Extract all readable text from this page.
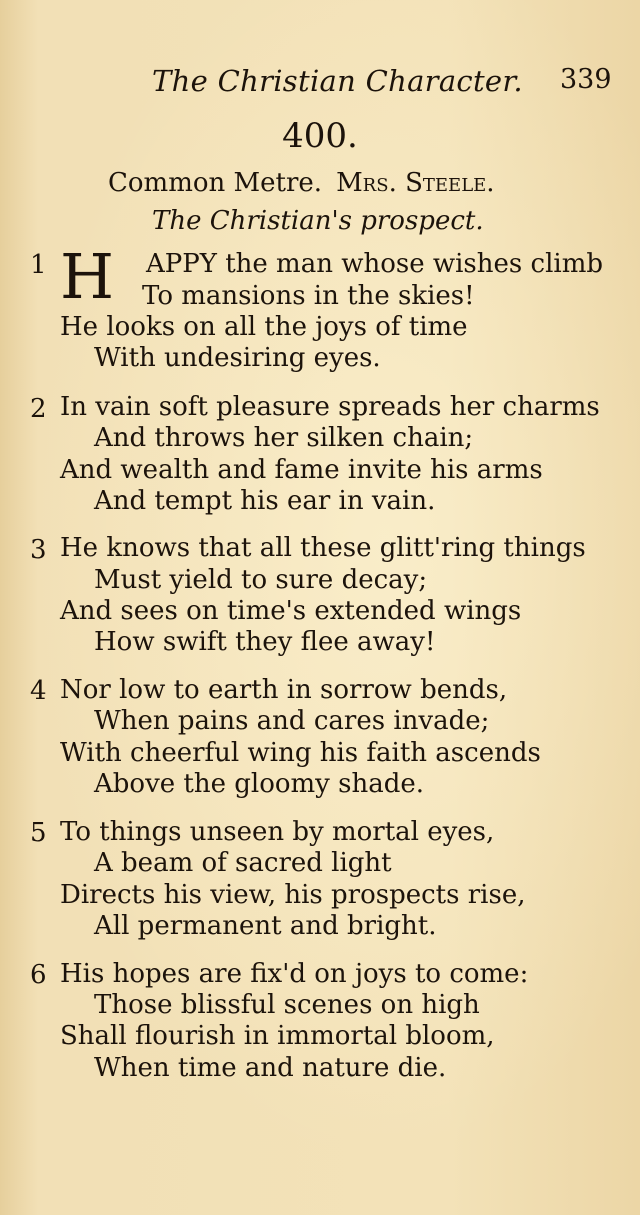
The Christian Character. 339
400.
Common Metre. Mrs. Steele.
The Christian's prospect.
1 H APPY the man whose wishes climb
To mansions in the skies!
He looks on all the joys of time
With undesiring eyes.
2 In vain soft pleasure spreads her charms
And throws her silken chain;
And wealth and fame invite his arms
And tempt his ear in vain.
3 He knows that all these glitt'ring things
Must yield to sure decay;
And sees on time's extended wings
How swift they flee away!
4 Nor low to earth in sorrow bends,
When pains and cares invade;
With cheerful wing his faith ascends
Above the gloomy shade.
5 To things unseen by mortal eyes,
A beam of sacred light
Directs his view, his prospects rise,
All permanent and bright.
6 His hopes are fix'd on joys to come:
Those blissful scenes on high
Shall flourish in immortal bloom,
When time and nature die.
